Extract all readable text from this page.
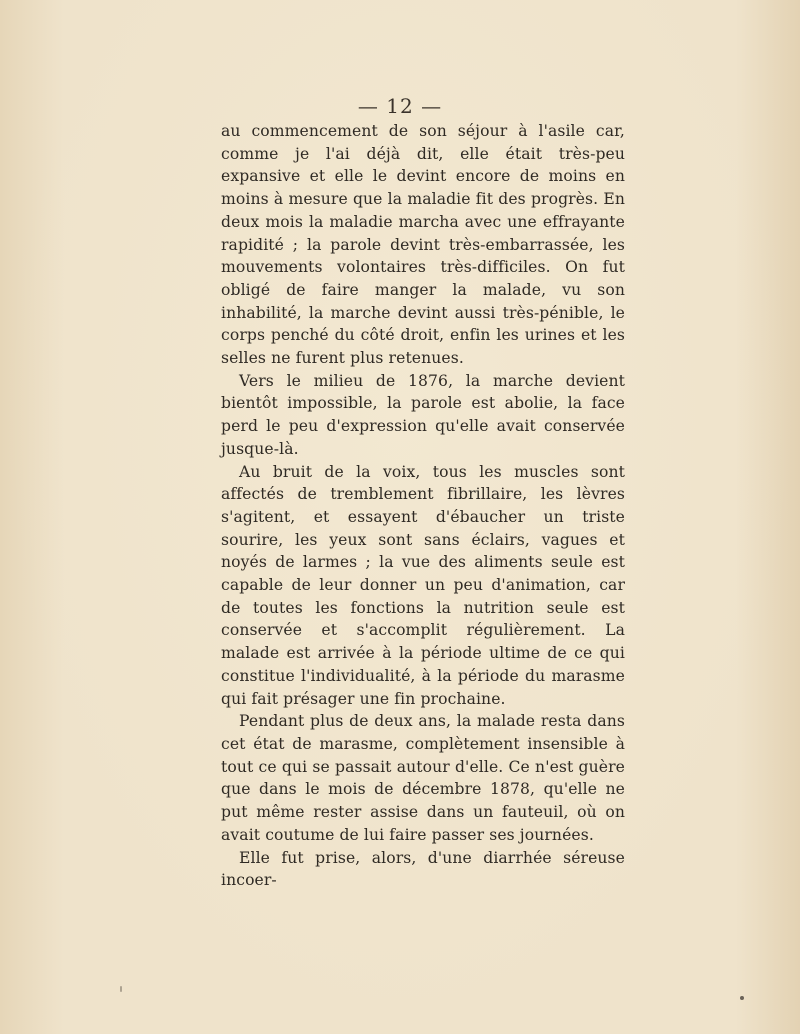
— 12 —

au commencement de son séjour à l'asile car, comme je l'ai déjà dit, elle était très-peu expansive et elle le devint encore de moins en moins à mesure que la maladie fit des progrès. En deux mois la maladie marcha avec une effrayante rapidité ; la parole devint très-embarrassée, les mouvements volontaires très-difficiles. On fut obligé de faire manger la malade, vu son inhabilité, la marche devint aussi très-pénible, le corps penché du côté droit, enfin les urines et les selles ne furent plus retenues.

Vers le milieu de 1876, la marche devient bientôt impossible, la parole est abolie, la face perd le peu d'expression qu'elle avait conservée jusque-là.

Au bruit de la voix, tous les muscles sont affectés de tremblement fibrillaire, les lèvres s'agitent, et essayent d'ébaucher un triste sourire, les yeux sont sans éclairs, vagues et noyés de larmes ; la vue des aliments seule est capable de leur donner un peu d'animation, car de toutes les fonctions la nutrition seule est conservée et s'accomplit régulièrement. La malade est arrivée à la période ultime de ce qui constitue l'individualité, à la période du marasme qui fait présager une fin prochaine.

Pendant plus de deux ans, la malade resta dans cet état de marasme, complètement insensible à tout ce qui se passait autour d'elle. Ce n'est guère que dans le mois de décembre 1878, qu'elle ne put même rester assise dans un fauteuil, où on avait coutume de lui faire passer ses journées.

Elle fut prise, alors, d'une diarrhée séreuse incoer-
